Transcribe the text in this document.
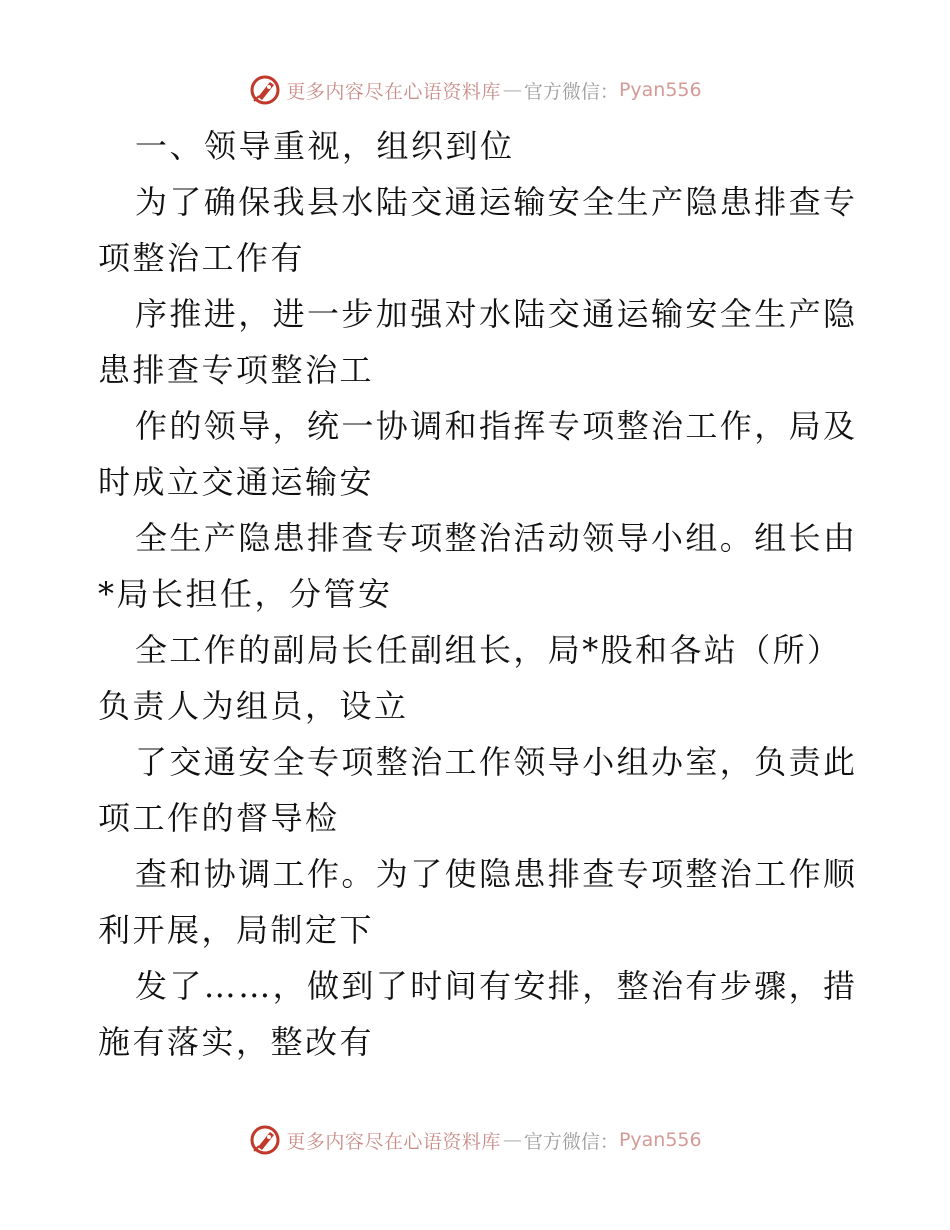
更多内容尽在心语资料库 — 官方微信： Pyan556
一、领导重视，组织到位
为了确保我县水陆交通运输安全生产隐患排查专
项整治工作有
序推进，进一步加强对水陆交通运输安全生产隐
患排查专项整治工
作的领导，统一协调和指挥专项整治工作，局及
时成立交通运输安
全生产隐患排查专项整治活动领导小组。组长由
*局长担任，分管安
全工作的副局长任副组长，局*股和各站（所）
负责人为组员，设立
了交通安全专项整治工作领导小组办室，负责此
项工作的督导检
查和协调工作。为了使隐患排查专项整治工作顺
利开展，局制定下
发了……，做到了时间有安排，整治有步骤，措
施有落实，整改有
更多内容尽在心语资料库 — 官方微信： Pyan556
